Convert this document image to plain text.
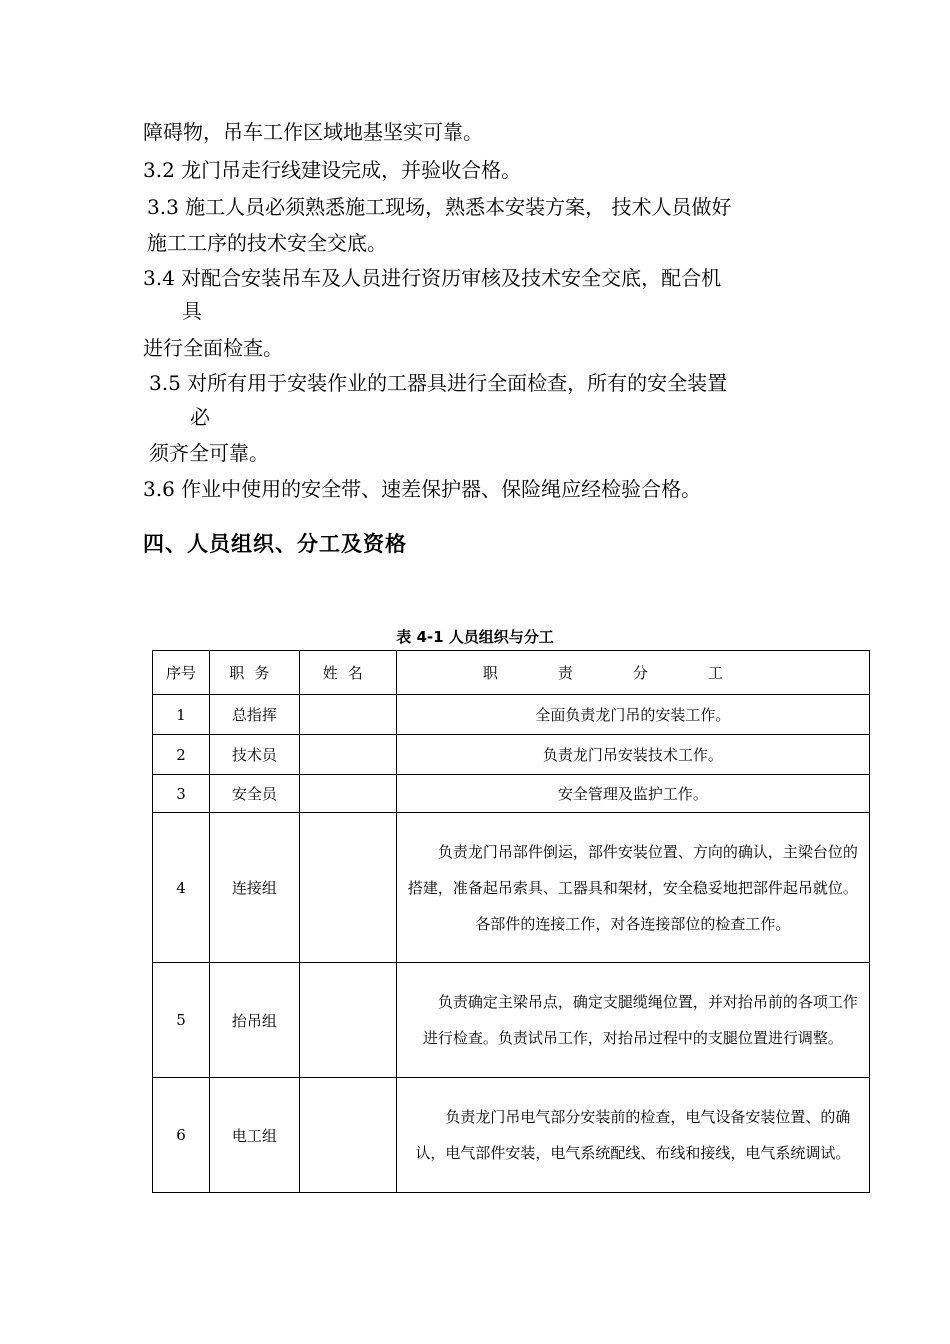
障碍物，吊车工作区域地基坚实可靠。
3.2 龙门吊走行线建设完成，并验收合格。
3.3 施工人员必须熟悉施工现场，熟悉本安装方案， 技术人员做好
施工工序的技术安全交底。
3.4 对配合安装吊车及人员进行资历审核及技术安全交底，配合机
具
进行全面检查。
3.5 对所有用于安装作业的工器具进行全面检查，所有的安全装置
必
须齐全可靠。
3.6 作业中使用的安全带、速差保护器、保险绳应经检验合格。
四、人员组织、分工及资格
表 4-1 人员组织与分工
序号	职务	姓名	职责分工
1	总指挥		全面负责龙门吊的安装工作。
2	技术员		负责龙门吊安装技术工作。
3	安全员		安全管理及监护工作。
4	连接组		负责龙门吊部件倒运，部件安装位置、方向的确认，主梁台位的搭建，准备起吊索具、工器具和架材，安全稳妥地把部件起吊就位。各部件的连接工作，对各连接部位的检查工作。

5	抬吊组		负责确定主梁吊点，确定支腿缆绳位置，并对抬吊前的各项工作进行检查。负责试吊工作，对抬吊过程中的支腿位置进行调整。

6	电工组		负责龙门吊电气部分安装前的检查，电气设备安装位置、的确认，电气部件安装，电气系统配线、布线和接线，电气系统调试。
